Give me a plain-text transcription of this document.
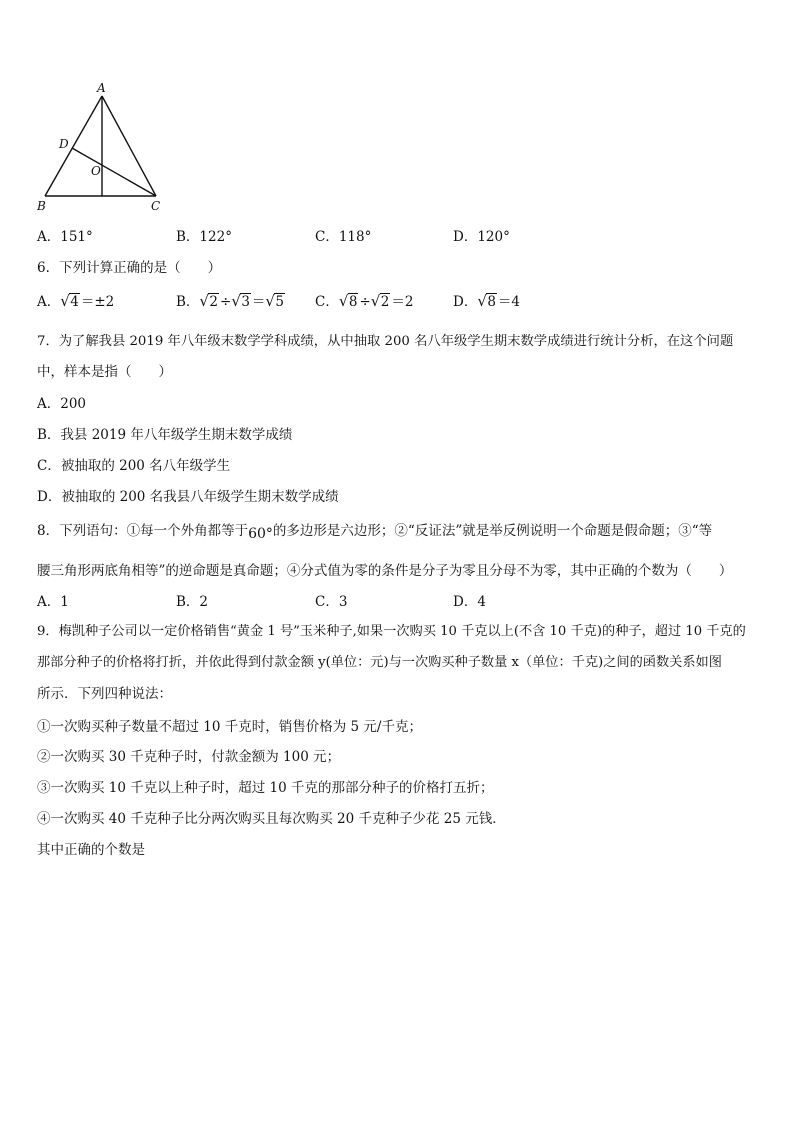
A
D
O
B	C
A．151°	B．122°	C．118°	D．120°
6．下列计算正确的是（　　）
A． √ 4 ＝±2	B． √ 2 ÷ √ 3 ＝ √ 5 C． √ 8 ÷ √ 2 ＝2	D． √ 8 ＝4
7．为了解我县 2019 年八年级末数学学科成绩，从中抽取 200 名八年级学生期末数学成绩进行统计分析，在这个问题
中，样本是指（　　）
A．200
B．我县 2019 年八年级学生期末数学成绩
C．被抽取的 200 名八年级学生
D．被抽取的 200 名我县八年级学生期末数学成绩
8．下列语句：①每一个外角都等于60°的多边形是六边形；②“反证法”就是举反例说明一个命题是假命题；③“等
腰三角形两底角相等”的逆命题是真命题；④分式值为零的条件是分子为零且分母不为零，其中正确的个数为（　　）
A．1	B．2	C．3	D．4
9．梅凯种子公司以一定价格销售“黄金 1 号”玉米种子,如果一次购买 10 千克以上(不含 10 千克)的种子，超过 10 千克的
那部分种子的价格将打折，并依此得到付款金额 y(单位：元)与一次购买种子数量 x（单位：千克)之间的函数关系如图
所示．下列四种说法：
①一次购买种子数量不超过 10 千克时，销售价格为 5 元/千克；
②一次购买 30 千克种子时，付款金额为 100 元；
③一次购买 10 千克以上种子时，超过 10 千克的那部分种子的价格打五折；
④一次购买 40 千克种子比分两次购买且每次购买 20 千克种子少花 25 元钱．
其中正确的个数是
